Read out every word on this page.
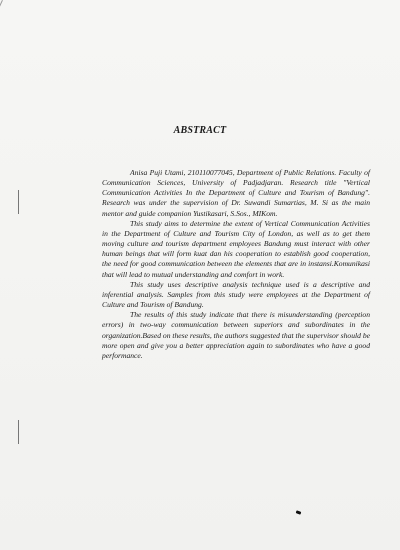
ABSTRACT

Anisa Puji Utami, 210110077045, Department of Public Relations. Faculty of Communication Sciences, University of Padjadjaran. Research title "Vertical Communication Activities In the Department of Culture and Tourism of Bandung". Research was under the supervision of Dr. Suwandi Sumartias, M. Si as the main mentor and guide companion Yustikasari, S.Sos., MIKom.

This study aims to determine the extent of Vertical Communication Activities in the Department of Culture and Tourism City of London, as well as to get them moving culture and tourism department employees Bandung must interact with other human beings that will form kuat dan his cooperation to establish good cooperation, the need for good communication between the elements that are in instansi.Komunikasi that will lead to mutual understanding and comfort in work.

This study uses descriptive analysis technique used is a descriptive and inferential analysis. Samples from this study were employees at the Department of Culture and Tourism of Bandung.

The results of this study indicate that there is misunderstanding (perception errors) in two-way communication between superiors and subordinates in the organization.Based on these results, the authors suggested that the supervisor should be more open and give you a better appreciation again to subordinates who have a good performance.
